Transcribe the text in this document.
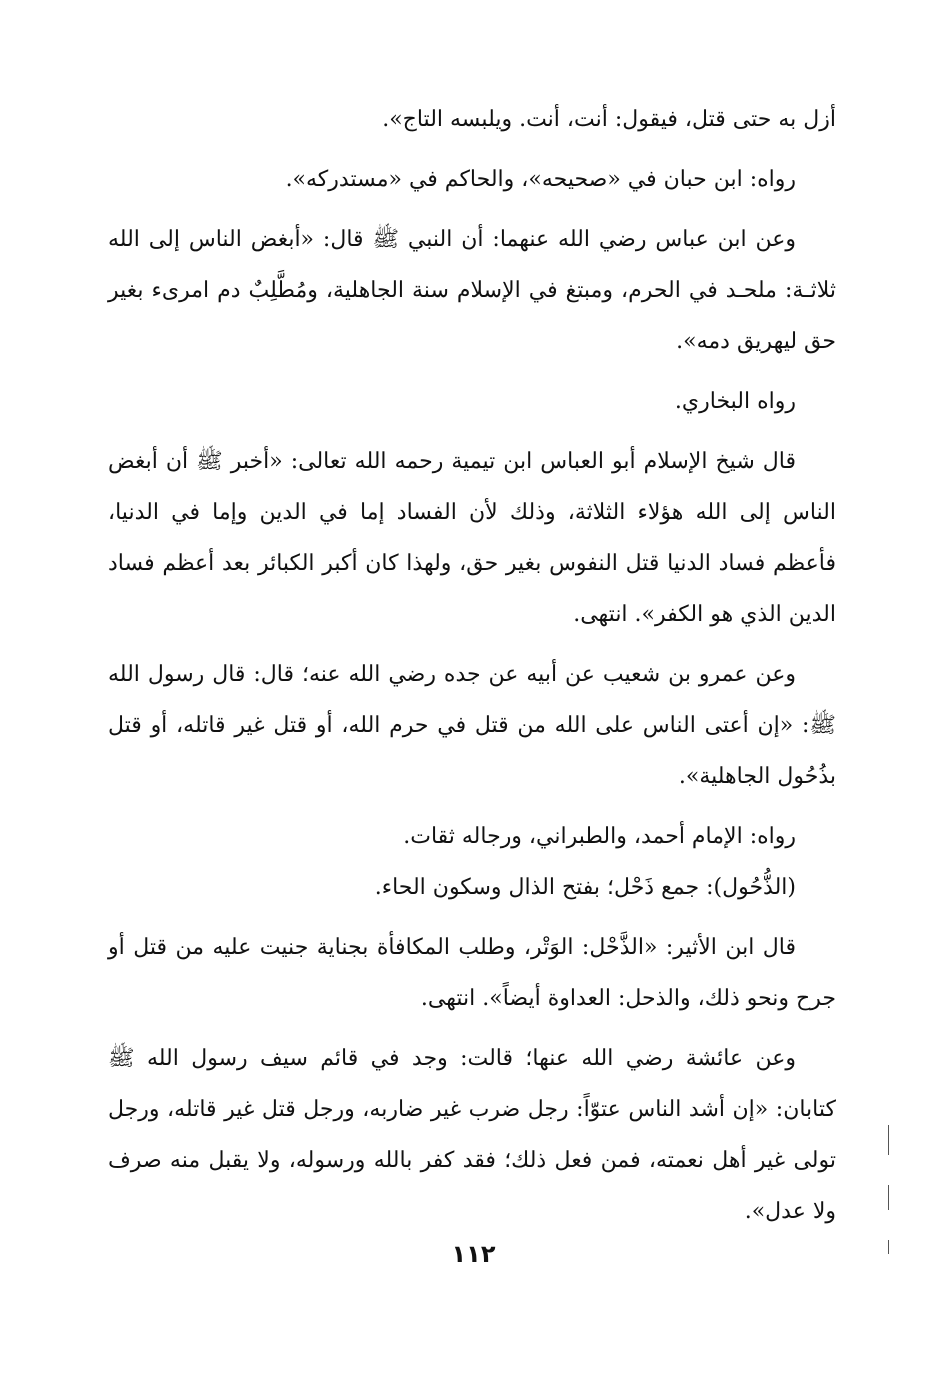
أزل به حتى قتل، فيقول: أنت، أنت. ويلبسه التاج».

رواه: ابن حبان في «صحيحه»، والحاكم في «مستدركه».

وعن ابن عباس رضي الله عنهما: أن النبي ﷺ قال: «أبغض الناس إلى الله ثلاثـة: ملحـد في الحرم، ومبتغ في الإسلام سنة الجاهلية، ومُطَّلِبٌ دم امرىء بغير حق ليهريق دمه».

رواه البخاري.

قال شيخ الإسلام أبو العباس ابن تيمية رحمه الله تعالى: «أخبر ﷺ أن أبغض الناس إلى الله هؤلاء الثلاثة، وذلك لأن الفساد إما في الدين وإما في الدنيا، فأعظم فساد الدنيا قتل النفوس بغير حق، ولهذا كان أكبر الكبائر بعد أعظم فساد الدين الذي هو الكفر». انتهى.

وعن عمرو بن شعيب عن أبيه عن جده رضي الله عنه؛ قال: قال رسول الله ﷺ: «إن أعتى الناس على الله من قتل في حرم الله، أو قتل غير قاتله، أو قتل بذُحُول الجاهلية».

رواه: الإمام أحمد، والطبراني، ورجاله ثقات.

(الذُّحُول): جمع ذَحْل؛ بفتح الذال وسكون الحاء.

قال ابن الأثير: «الذَّحْل: الوَتْر، وطلب المكافأة بجناية جنيت عليه من قتل أو جرح ونحو ذلك، والذحل: العداوة أيضاً». انتهى.

وعن عائشة رضي الله عنها؛ قالت: وجد في قائم سيف رسول الله ﷺ كتابان: «إن أشد الناس عتوّاً: رجل ضرب غير ضاربه، ورجل قتل غير قاتله، ورجل تولى غير أهل نعمته، فمن فعل ذلك؛ فقد كفر بالله ورسوله، ولا يقبل منه صرف ولا عدل».

١١٢
